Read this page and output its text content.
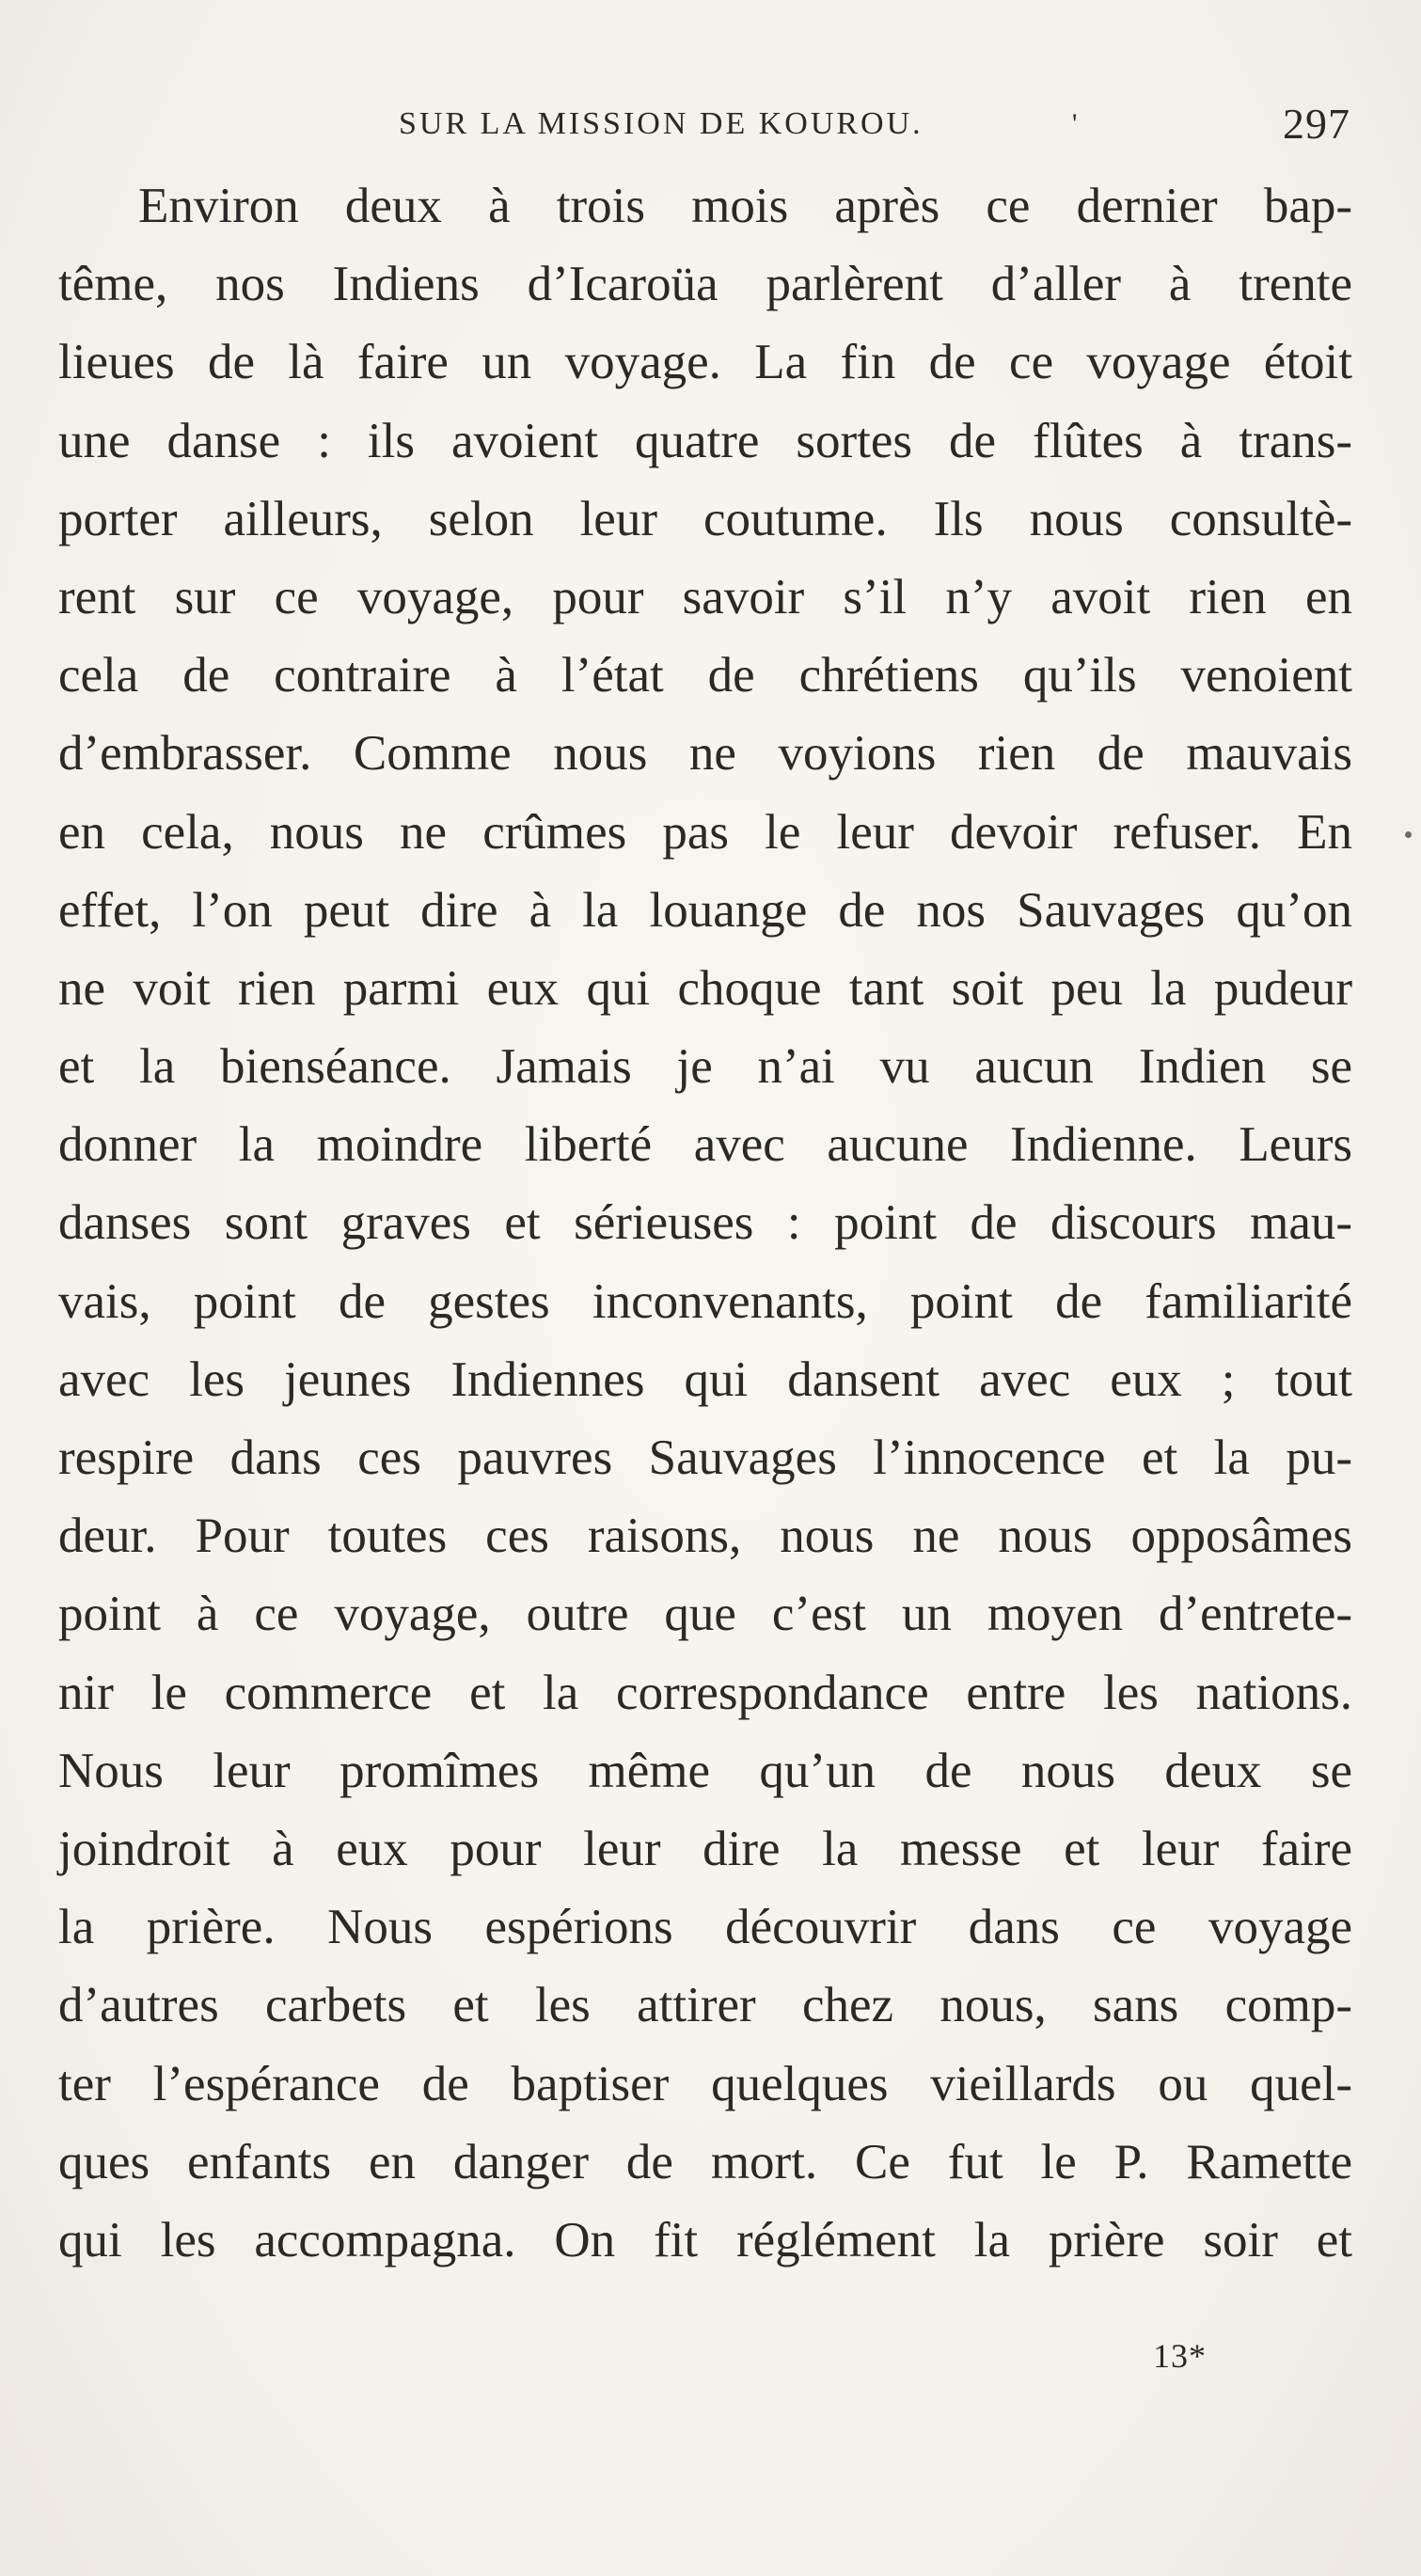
SUR LA MISSION DE KOUROU.	'	297
Environ deux à trois mois après ce dernier bap-
tême, nos Indiens d’Icaroüa parlèrent d’aller à trente
lieues de là faire un voyage. La fin de ce voyage étoit
une danse : ils avoient quatre sortes de flûtes à trans-
porter ailleurs, selon leur coutume. Ils nous consultè-
rent sur ce voyage, pour savoir s’il n’y avoit rien en
cela de contraire à l’état de chrétiens qu’ils venoient
d’embrasser. Comme nous ne voyions rien de mauvais
en cela, nous ne crûmes pas le leur devoir refuser. En
effet, l’on peut dire à la louange de nos Sauvages qu’on
ne voit rien parmi eux qui choque tant soit peu la pudeur
et la bienséance. Jamais je n’ai vu aucun Indien se
donner la moindre liberté avec aucune Indienne. Leurs
danses sont graves et sérieuses : point de discours mau-
vais, point de gestes inconvenants, point de familiarité
avec les jeunes Indiennes qui dansent avec eux ; tout
respire dans ces pauvres Sauvages l’innocence et la pu-
deur. Pour toutes ces raisons, nous ne nous opposâmes
point à ce voyage, outre que c’est un moyen d’entrete-
nir le commerce et la correspondance entre les nations.
Nous leur promîmes même qu’un de nous deux se
joindroit à eux pour leur dire la messe et leur faire
la prière. Nous espérions découvrir dans ce voyage
d’autres carbets et les attirer chez nous, sans comp-
ter l’espérance de baptiser quelques vieillards ou quel-
ques enfants en danger de mort. Ce fut le P. Ramette
qui les accompagna. On fit réglément la prière soir et
13*
